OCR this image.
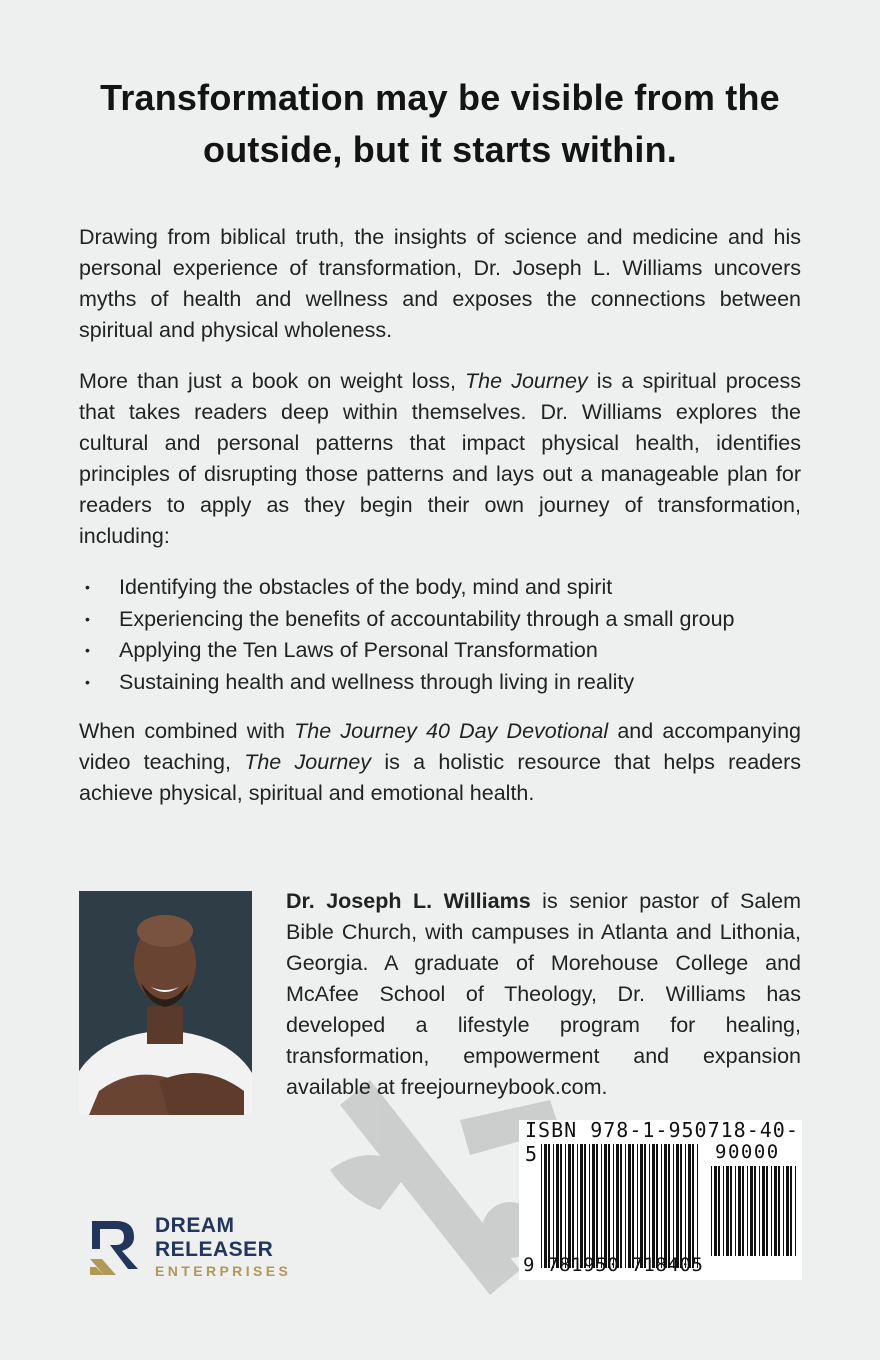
Transformation may be visible from the outside, but it starts within.

Drawing from biblical truth, the insights of science and medicine and his personal experience of transformation, Dr. Joseph L. Williams uncovers myths of health and wellness and exposes the connections between spiritual and physical wholeness.

More than just a book on weight loss, The Journey is a spiritual process that takes readers deep within themselves. Dr. Williams explores the cultural and personal patterns that impact physical health, identifies principles of disrupting those patterns and lays out a manageable plan for readers to apply as they begin their own journey of transformation, including:

• Identifying the obstacles of the body, mind and spirit
• Experiencing the benefits of accountability through a small group
• Applying the Ten Laws of Personal Transformation
• Sustaining health and wellness through living in reality

When combined with The Journey 40 Day Devotional and accompanying video teaching, The Journey is a holistic resource that helps readers achieve physical, spiritual and emotional health.

Dr. Joseph L. Williams is senior pastor of Salem Bible Church, with campuses in Atlanta and Lithonia, Georgia. A graduate of Morehouse College and McAfee School of Theology, Dr. Williams has developed a lifestyle program for healing, transformation, empowerment and expansion available at freejourneybook.com.
ISBN 978-1-950718-40-5	90000
9 781950 718405
DREAM
RELEASER
ENTERPRISES
